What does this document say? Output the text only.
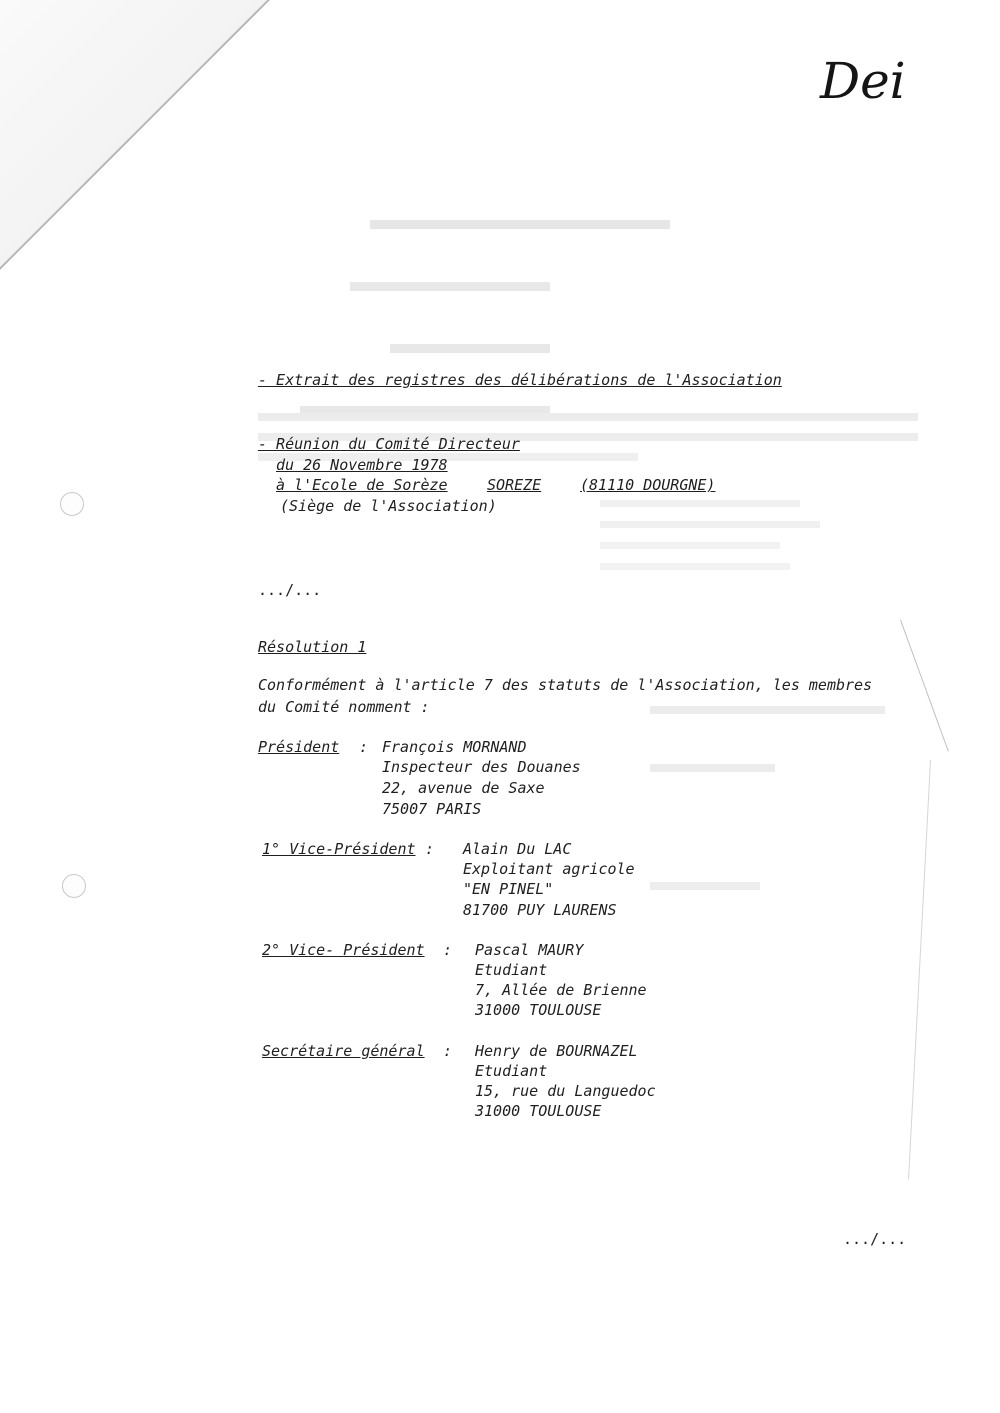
Dei
- Extrait des registres des délibérations de l'Association
- Réunion du Comité Directeur
du 26 Novembre 1978
à l'Ecole de Sorèze	SOREZE	(81110 DOURGNE)
(Siège de l'Association)
.../...
Résolution 1
Conformément à l'article 7 des statuts de l'Association, les membres
du Comité nomment :
Président : François MORNAND
Inspecteur des Douanes
22, avenue de Saxe
75007 PARIS
1° Vice-Président : Alain Du LAC
Exploitant agricole
"EN PINEL"
81700 PUY LAURENS
2° Vice- Président : Pascal MAURY
Etudiant
7, Allée de Brienne
31000 TOULOUSE
Secrétaire général : Henry de BOURNAZEL
Etudiant
15, rue du Languedoc
31000 TOULOUSE
.../...
